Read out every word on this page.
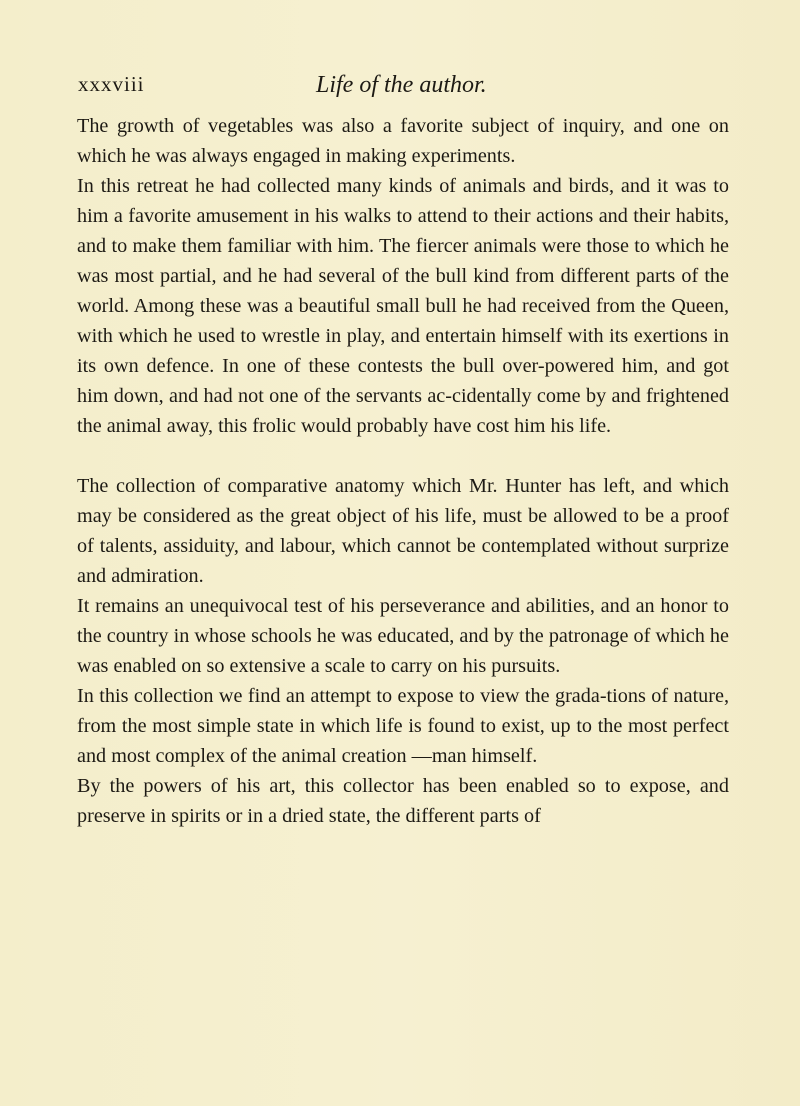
xxxviii	Life of the author.

The growth of vegetables was also a favorite subject of inquiry, and one on which he was always engaged in making experiments.

In this retreat he had collected many kinds of animals and birds, and it was to him a favorite amusement in his walks to attend to their actions and their habits, and to make them familiar with him. The fiercer animals were those to which he was most partial, and he had several of the bull kind from different parts of the world. Among these was a beautiful small bull he had received from the Queen, with which he used to wrestle in play, and entertain himself with its exertions in its own defence. In one of these contests the bull over-powered him, and got him down, and had not one of the servants ac-cidentally come by and frightened the animal away, this frolic would probably have cost him his life.

The collection of comparative anatomy which Mr. Hunter has left, and which may be considered as the great object of his life, must be allowed to be a proof of talents, assiduity, and labour, which cannot be contemplated without surprize and admiration.

It remains an unequivocal test of his perseverance and abilities, and an honor to the country in whose schools he was educated, and by the patronage of which he was enabled on so extensive a scale to carry on his pursuits.

In this collection we find an attempt to expose to view the grada-tions of nature, from the most simple state in which life is found to exist, up to the most perfect and most complex of the animal creation —man himself.

By the powers of his art, this collector has been enabled so to expose, and preserve in spirits or in a dried state, the different parts of
